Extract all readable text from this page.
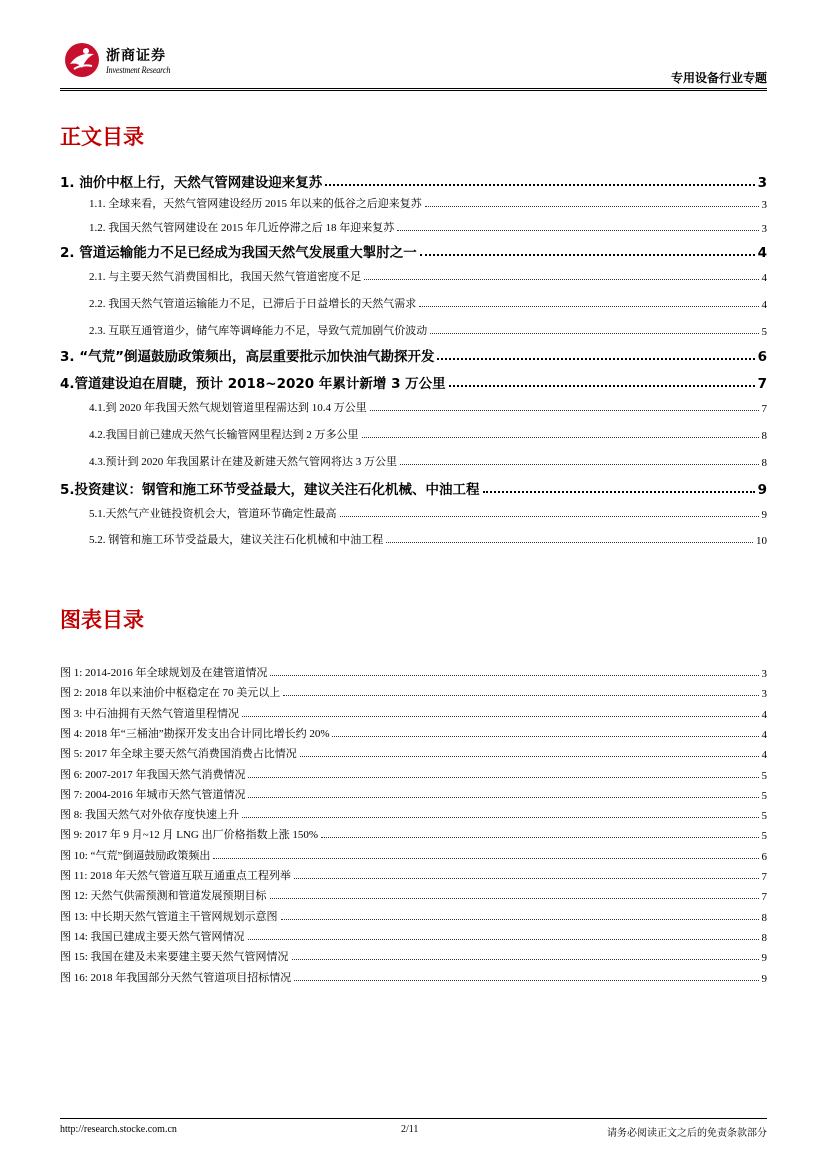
浙商证券
Investment Research	专用设备行业专题
正文目录
1. 油价中枢上行，天然气管网建设迎来复苏	3
1.1. 全球来看，天然气管网建设经历 2015 年以来的低谷之后迎来复苏	3
1.2. 我国天然气管网建设在 2015 年几近停滞之后 18 年迎来复苏	3
2. 管道运输能力不足已经成为我国天然气发展重大掣肘之一	4
2.1. 与主要天然气消费国相比，我国天然气管道密度不足	4
2.2. 我国天然气管道运输能力不足，已滞后于日益增长的天然气需求	4
2.3. 互联互通管道少，储气库等调峰能力不足，导致气荒加剧气价波动	5
3. “气荒”倒逼鼓励政策频出，高层重要批示加快油气勘探开发	6
4.管道建设迫在眉睫，预计 2018~2020 年累计新增 3 万公里	7
4.1.到 2020 年我国天然气规划管道里程需达到 10.4 万公里	7
4.2.我国目前已建成天然气长输管网里程达到 2 万多公里	8
4.3.预计到 2020 年我国累计在建及新建天然气管网将达 3 万公里	8
5.投资建议：钢管和施工环节受益最大，建议关注石化机械、中油工程	9
5.1.天然气产业链投资机会大，管道环节确定性最高	9
5.2. 钢管和施工环节受益最大，建议关注石化机械和中油工程	10
图表目录
图 1: 2014-2016 年全球规划及在建管道情况	3
图 2: 2018 年以来油价中枢稳定在 70 美元以上	3
图 3: 中石油拥有天然气管道里程情况	4
图 4: 2018 年“三桶油”勘探开发支出合计同比增长约 20%	4
图 5: 2017 年全球主要天然气消费国消费占比情况	4
图 6: 2007-2017 年我国天然气消费情况	5
图 7: 2004-2016 年城市天然气管道情况	5
图 8: 我国天然气对外依存度快速上升	5
图 9: 2017 年 9 月~12 月 LNG 出厂价格指数上涨 150%	5
图 10: “气荒”倒逼鼓励政策频出	6
图 11: 2018 年天然气管道互联互通重点工程列举	7
图 12: 天然气供需预测和管道发展预期目标	7
图 13: 中长期天然气管道主干管网规划示意图	8
图 14: 我国已建成主要天然气管网情况	8
图 15: 我国在建及未来要建主要天然气管网情况	9
图 16: 2018 年我国部分天然气管道项目招标情况	9
http://research.stocke.com.cn	2/11	请务必阅读正文之后的免责条款部分
